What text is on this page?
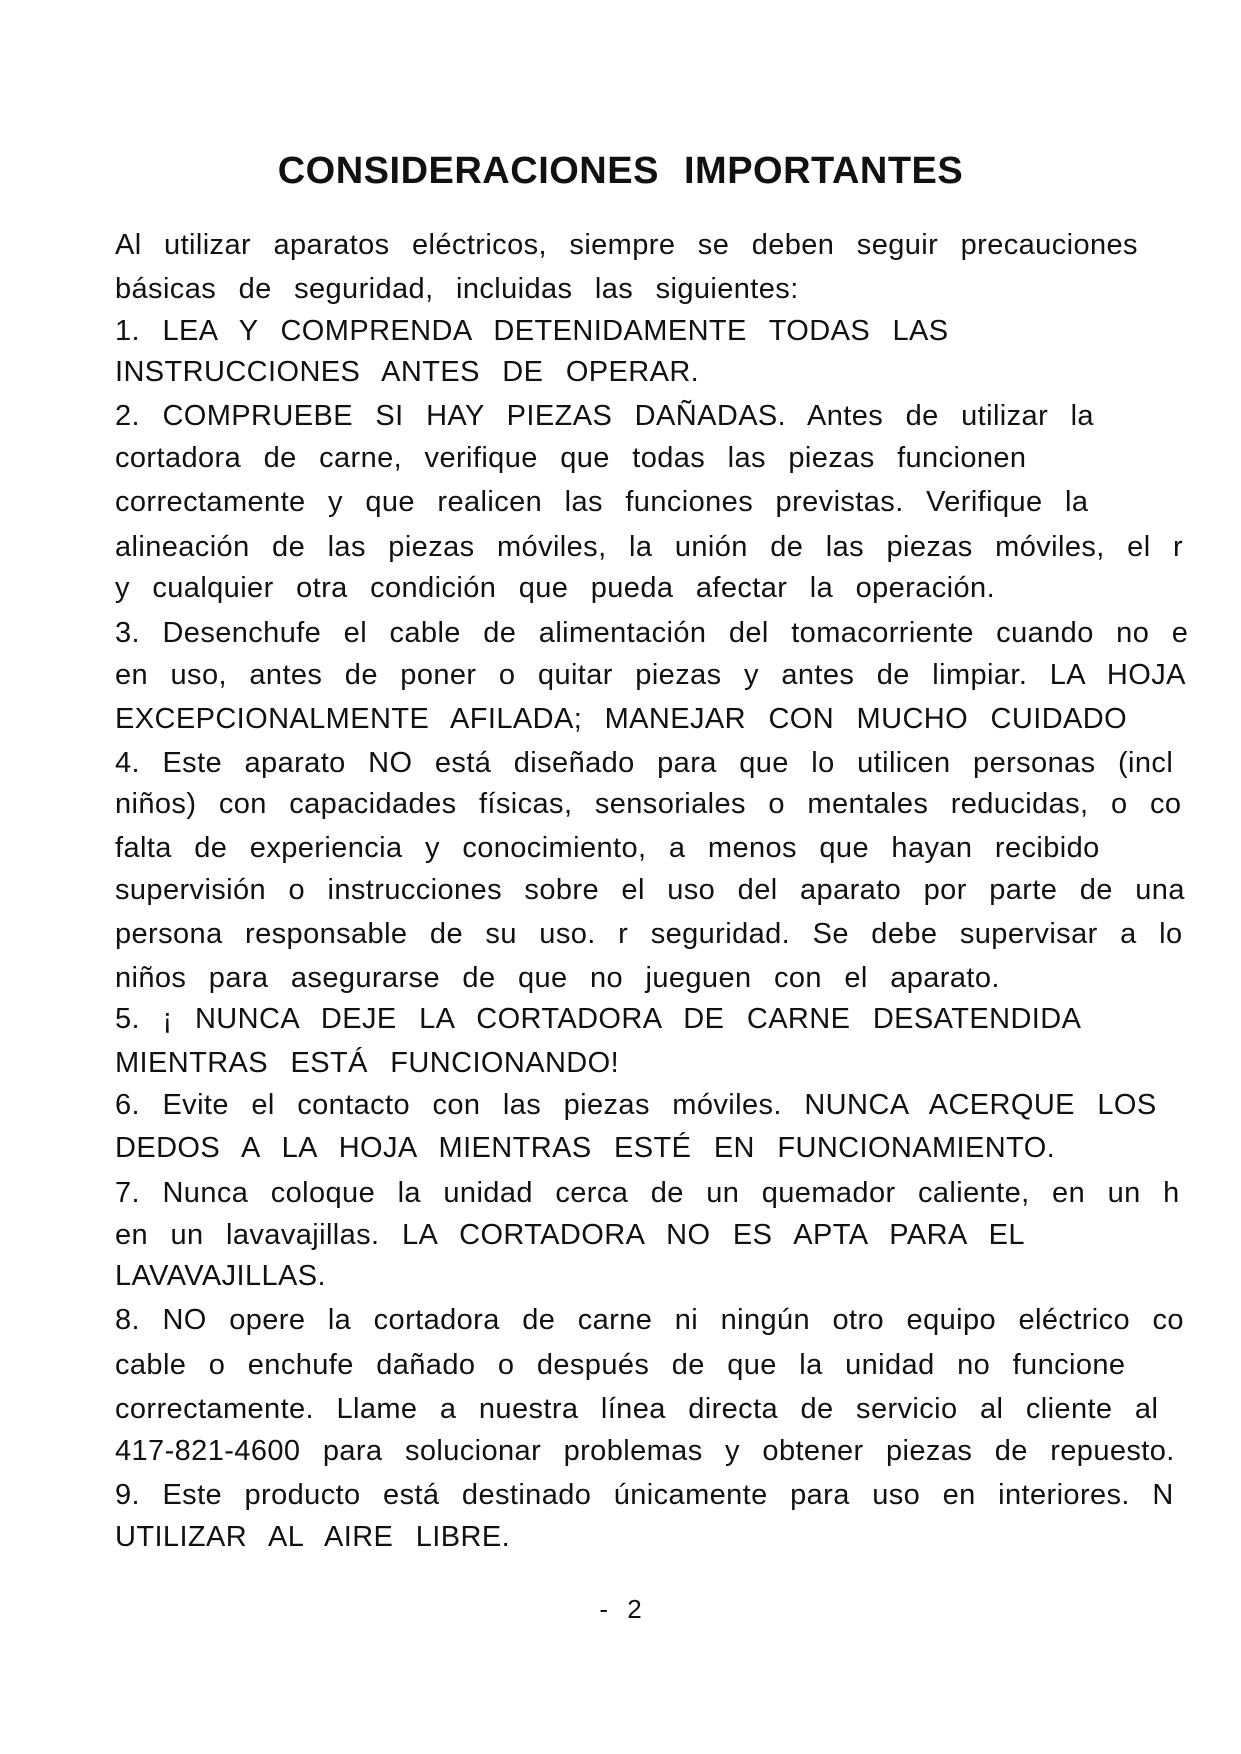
CONSIDERACIONES IMPORTANTES
Al utilizar aparatos eléctricos, siempre se deben seguir precauciones
básicas de seguridad, incluidas las siguientes:
1. LEA Y COMPRENDA DETENIDAMENTE TODAS LAS
INSTRUCCIONES ANTES DE OPERAR.
2. COMPRUEBE SI HAY PIEZAS DAÑADAS. Antes de utilizar la
cortadora de carne, verifique que todas las piezas funcionen
correctamente y que realicen las funciones previstas. Verifique la
alineación de las piezas móviles, la unión de las piezas móviles, el r
y cualquier otra condición que pueda afectar la operación.
3. Desenchufe el cable de alimentación del tomacorriente cuando no e
en uso, antes de poner o quitar piezas y antes de limpiar. LA HOJA
EXCEPCIONALMENTE AFILADA; MANEJAR CON MUCHO CUIDADO
4. Este aparato NO está diseñado para que lo utilicen personas (incl
niños) con capacidades físicas, sensoriales o mentales reducidas, o co
falta de experiencia y conocimiento, a menos que hayan recibido
supervisión o instrucciones sobre el uso del aparato por parte de una
persona responsable de su uso. r seguridad. Se debe supervisar a lo
niños para asegurarse de que no jueguen con el aparato.
5. ¡ NUNCA DEJE LA CORTADORA DE CARNE DESATENDIDA
MIENTRAS ESTÁ FUNCIONANDO!
6. Evite el contacto con las piezas móviles. NUNCA ACERQUE LOS
DEDOS A LA HOJA MIENTRAS ESTÉ EN FUNCIONAMIENTO.
7. Nunca coloque la unidad cerca de un quemador caliente, en un h
en un lavavajillas. LA CORTADORA NO ES APTA PARA EL
LAVAVAJILLAS.
8. NO opere la cortadora de carne ni ningún otro equipo eléctrico co
cable o enchufe dañado o después de que la unidad no funcione
correctamente. Llame a nuestra línea directa de servicio al cliente al
417-821-4600 para solucionar problemas y obtener piezas de repuesto.
9. Este producto está destinado únicamente para uso en interiores. N
UTILIZAR AL AIRE LIBRE.
- 2
